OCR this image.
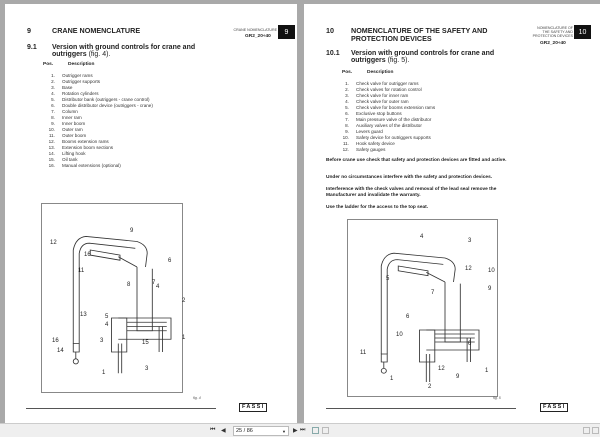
9	CRANE NOMENCLATURE
9.1 Version with ground controls for crane and
outriggers (fig. 4).
Pos.	Description
1. Outrigger rams
2. Outrigger supports
3. Base
4. Rotation cylinders
5. Distributor bank (outriggers - crane control)
6. Double distributor device (outriggers - crane)
7. Column
8. Inner ram
9. Inner boom
10. Outer ram
11. Outer boom
12. Booms extension rams
13. Extension boom sections
14. Lifting hook
15. Oil tank
16. Manual extensions (optional)
CRANE NOMENCLATURE
GR2_20÷40
9
9
12
16
11
8	7
6
4
2
13	5
4
3
16
14
1
15
1
3
fig. 4
FASSI
10 NOMENCLATURE OF THE SAFETY AND
PROTECTION DEVICES
10.1 Version with ground controls for crane and
outriggers (fig. 5).
Pos.	Description
1. Check valve for outrigger rams
2. Check valves for rotation control
3. Check valve for inner ram
4. Check valve for outer ram
5. Check valve for booms extension rams
6. Exclusive stop buttons
7. Main pressure valve of the distributor
8. Auxiliary valves of the distributor
9. Levers guard
10. Safety device for outriggers supports
11. Hook safety device
12. Safety gauges
Before crane use check that safety and protection devices are fitted and active.
Under no circumstances interfere with the safety and protection devices.
Interference with the check valves and removal of the lead seal remove the Manufacturer and invalidate the warranty.
Use the ladder for the access to the top seat.
NOMENCLATURE OF
THE SAFETY AND
PROTECTION DEVICES
GR2_20÷40
10
4
3
5
12	10
7
9
9
6
10
11
1
12
2
6
1
fig. 5
FASSI
⏮ ◀	25 / 86	▼ ▶ ⏭
